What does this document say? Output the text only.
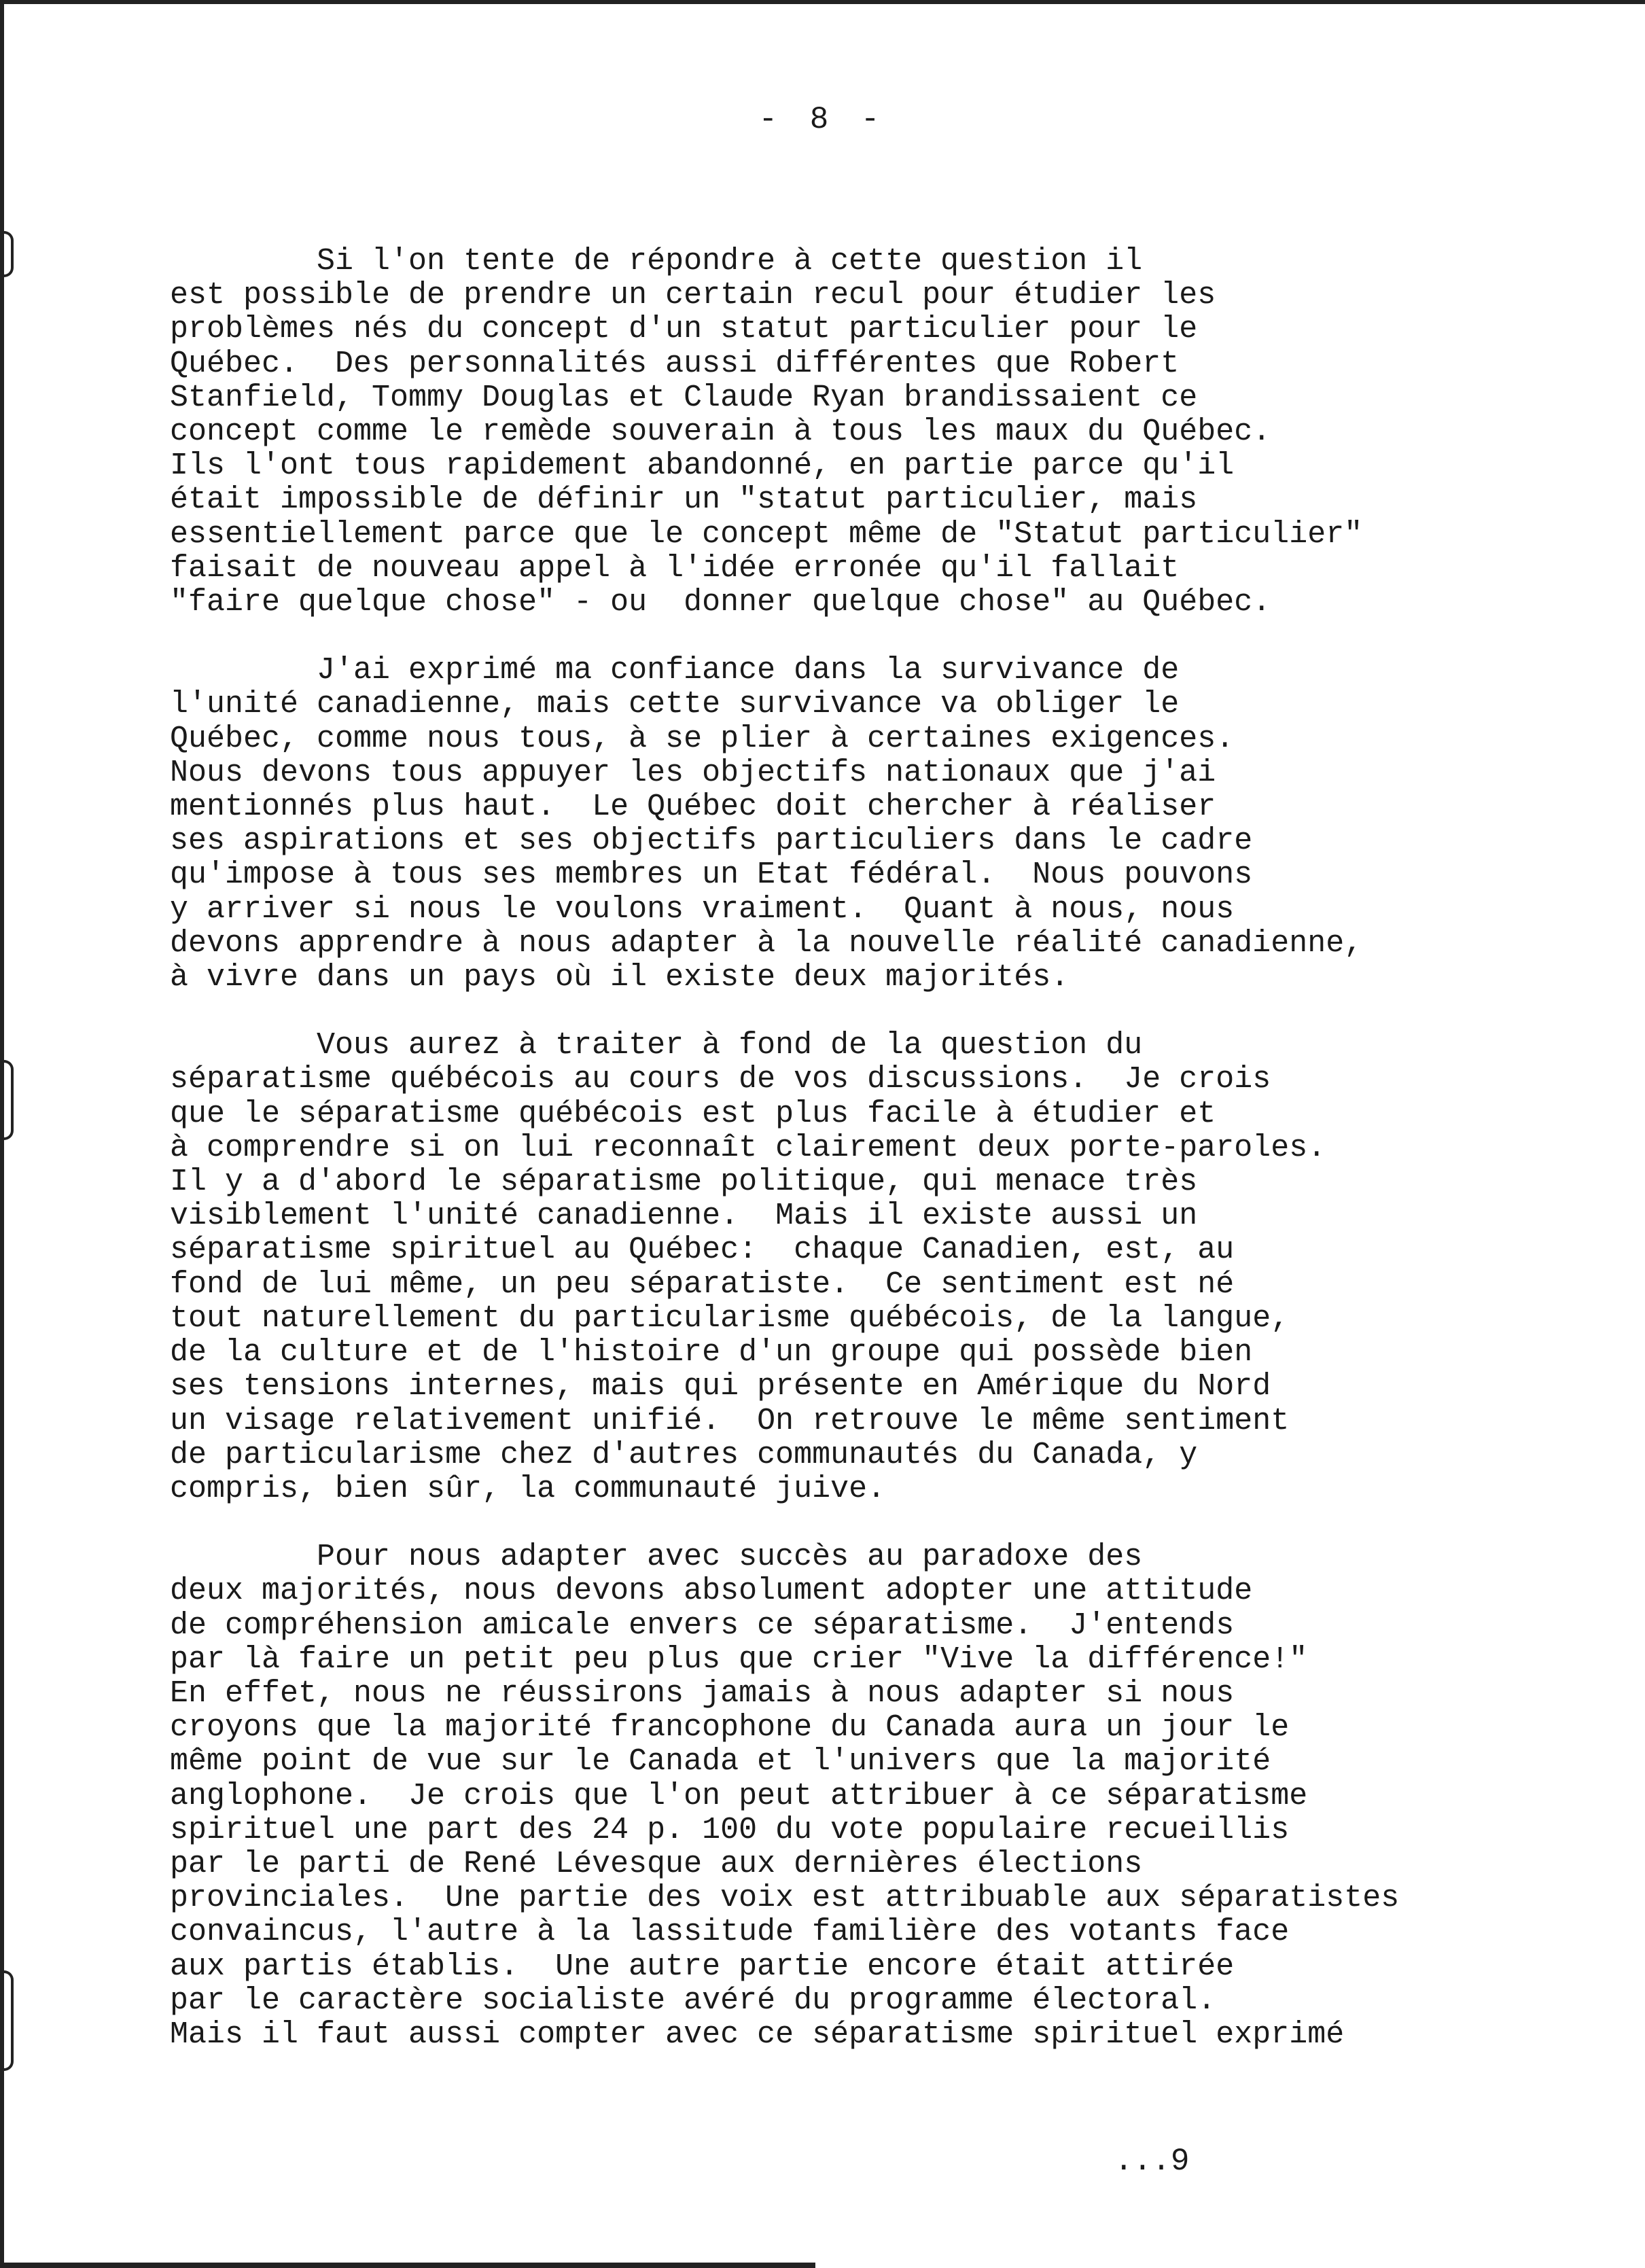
- 8 -
Si l'on tente de répondre à cette question il
est possible de prendre un certain recul pour étudier les
problèmes nés du concept d'un statut particulier pour le
Québec.  Des personnalités aussi différentes que Robert
Stanfield, Tommy Douglas et Claude Ryan brandissaient ce
concept comme le remède souverain à tous les maux du Québec.
Ils l'ont tous rapidement abandonné, en partie parce qu'il
était impossible de définir un "statut particulier, mais
essentiellement parce que le concept même de "Statut particulier"
faisait de nouveau appel à l'idée erronée qu'il fallait
"faire quelque chose" - ou  donner quelque chose" au Québec.
J'ai exprimé ma confiance dans la survivance de
l'unité canadienne, mais cette survivance va obliger le
Québec, comme nous tous, à se plier à certaines exigences.
Nous devons tous appuyer les objectifs nationaux que j'ai
mentionnés plus haut.  Le Québec doit chercher à réaliser
ses aspirations et ses objectifs particuliers dans le cadre
qu'impose à tous ses membres un Etat fédéral.  Nous pouvons
y arriver si nous le voulons vraiment.  Quant à nous, nous
devons apprendre à nous adapter à la nouvelle réalité canadienne,
à vivre dans un pays où il existe deux majorités.
Vous aurez à traiter à fond de la question du
séparatisme québécois au cours de vos discussions.  Je crois
que le séparatisme québécois est plus facile à étudier et
à comprendre si on lui reconnaît clairement deux porte-paroles.
Il y a d'abord le séparatisme politique, qui menace très
visiblement l'unité canadienne.  Mais il existe aussi un
séparatisme spirituel au Québec:  chaque Canadien, est, au
fond de lui même, un peu séparatiste.  Ce sentiment est né
tout naturellement du particularisme québécois, de la langue,
de la culture et de l'histoire d'un groupe qui possède bien
ses tensions internes, mais qui présente en Amérique du Nord
un visage relativement unifié.  On retrouve le même sentiment
de particularisme chez d'autres communautés du Canada, y
compris, bien sûr, la communauté juive.
Pour nous adapter avec succès au paradoxe des
deux majorités, nous devons absolument adopter une attitude
de compréhension amicale envers ce séparatisme.  J'entends
par là faire un petit peu plus que crier "Vive la différence!"
En effet, nous ne réussirons jamais à nous adapter si nous
croyons que la majorité francophone du Canada aura un jour le
même point de vue sur le Canada et l'univers que la majorité
anglophone.  Je crois que l'on peut attribuer à ce séparatisme
spirituel une part des 24 p. 100 du vote populaire recueillis
par le parti de René Lévesque aux dernières élections
provinciales.  Une partie des voix est attribuable aux séparatistes
convaincus, l'autre à la lassitude familière des votants face
aux partis établis.  Une autre partie encore était attirée
par le caractère socialiste avéré du programme électoral.
Mais il faut aussi compter avec ce séparatisme spirituel exprimé
...9
